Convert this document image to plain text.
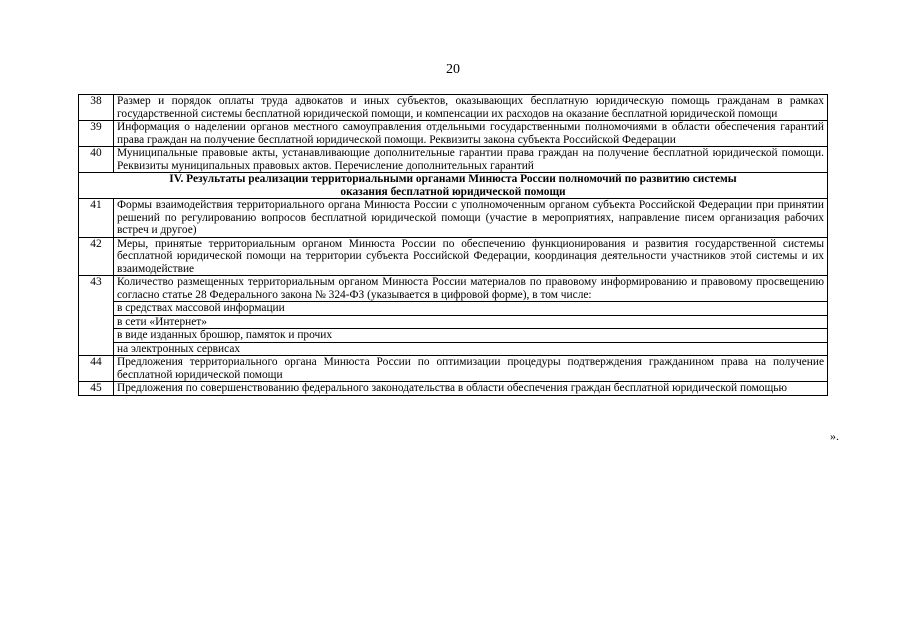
20
38	Размер и порядок оплаты труда адвокатов и иных субъектов, оказывающих бесплатную юридическую помощь гражданам в рамках государственной системы бесплатной юридической помощи, и компенсации их расходов на оказание бесплатной юридической помощи
39	Информация о наделении органов местного самоуправления отдельными государственными полномочиями в области обеспечения гарантий права граждан на получение бесплатной юридической помощи. Реквизиты закона субъекта Российской Федерации
40	Муниципальные правовые акты, устанавливающие дополнительные гарантии права граждан на получение бесплатной юридической помощи. Реквизиты муниципальных правовых актов. Перечисление дополнительных гарантий
IV. Результаты реализации территориальными органами Минюста России полномочий по развитию системы
оказания бесплатной юридической помощи	
41	Формы взаимодействия территориального органа Минюста России с уполномоченным органом субъекта Российской Федерации при принятии решений по регулированию вопросов бесплатной юридической помощи (участие в мероприятиях, направление писем организация рабочих встреч и другое)
42	Меры, принятые территориальным органом Минюста России по обеспечению функционирования и развития государственной системы бесплатной юридической помощи на территории субъекта Российской Федерации, координация деятельности участников этой системы и их взаимодействие
43	Количество размещенных территориальным органом Минюста России материалов по правовому информированию и правовому просвещению согласно статье 28 Федерального закона № 324-ФЗ (указывается в цифровой форме), в том числе:
	в средствах массовой информации
	в сети «Интернет»
	в виде изданных брошюр, памяток и прочих
	на электронных сервисах
44	Предложения территориального органа Минюста России по оптимизации процедуры подтверждения гражданином права на получение бесплатной юридической помощи
45	Предложения по совершенствованию федерального законодательства в области обеспечения граждан бесплатной юридической помощью
».
